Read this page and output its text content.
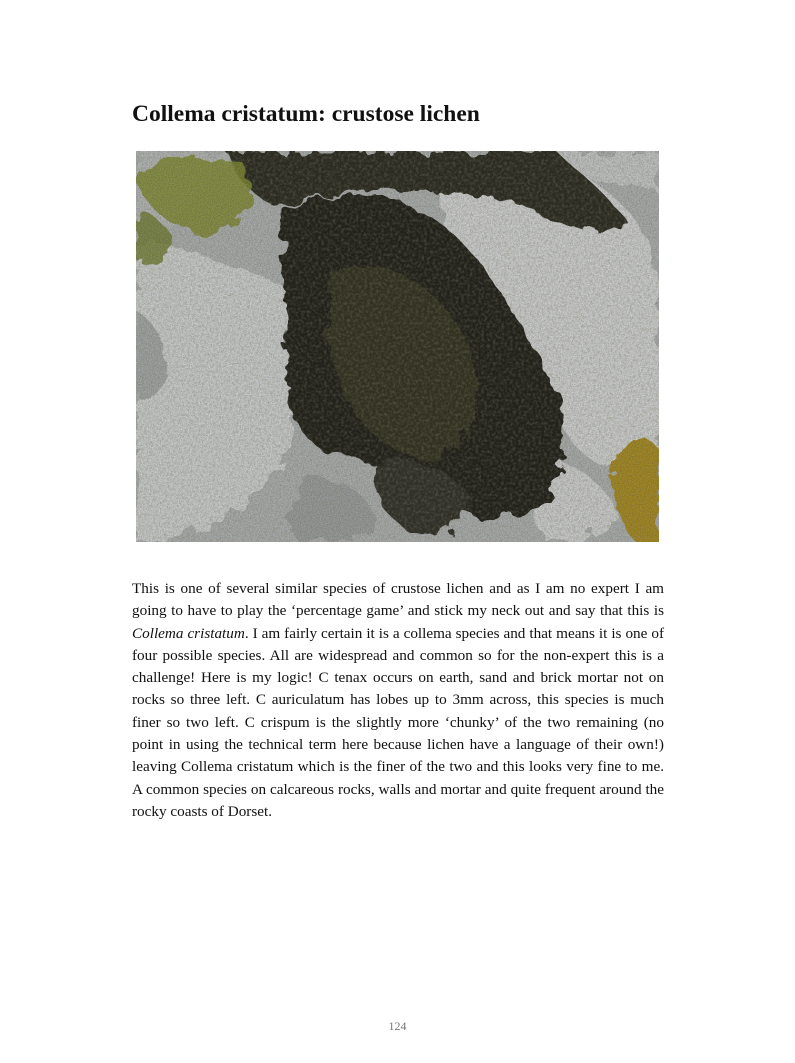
Collema cristatum: crustose lichen

This is one of several similar species of crustose lichen and as I am no expert I am going to have to play the ‘percentage game’ and stick my neck out and say that this is Collema cristatum. I am fairly certain it is a collema species and that means it is one of four possible species. All are widespread and common so for the non-expert this is a challenge! Here is my logic! C tenax occurs on earth, sand and brick mortar not on rocks so three left. C auriculatum has lobes up to 3mm across, this species is much finer so two left. C crispum is the slightly more ‘chunky’ of the two remaining (no point in using the technical term here because lichen have a language of their own!) leaving Collema cristatum which is the finer of the two and this looks very fine to me. A common species on calcareous rocks, walls and mortar and quite frequent around the rocky coasts of Dorset.

124
